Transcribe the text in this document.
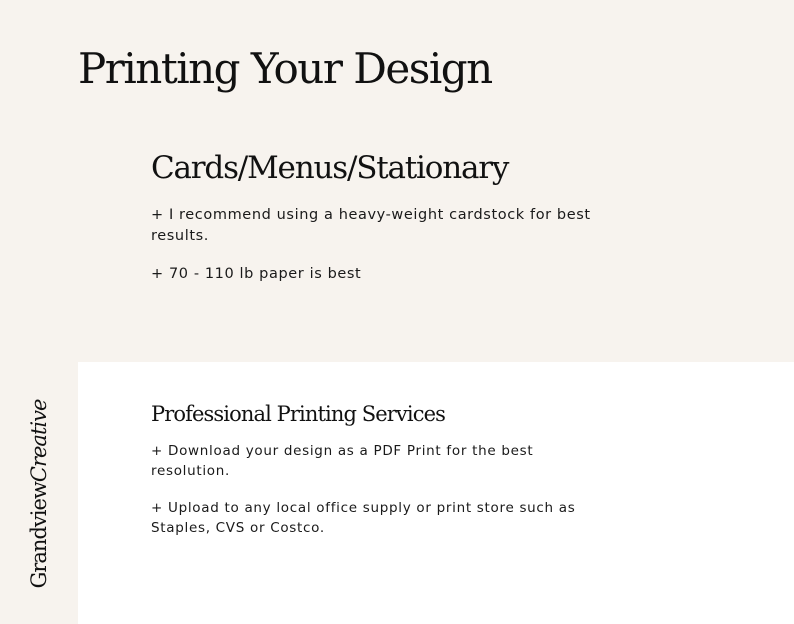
Printing Your Design
Cards/Menus/Stationary
+ I recommend using a heavy-weight cardstock for best results.
+ 70 - 110 lb paper is best
Professional Printing Services
+ Download your design as a PDF Print for the best resolution.
+ Upload to any local office supply or print store such as Staples, CVS or Costco.
GrandviewCreative
